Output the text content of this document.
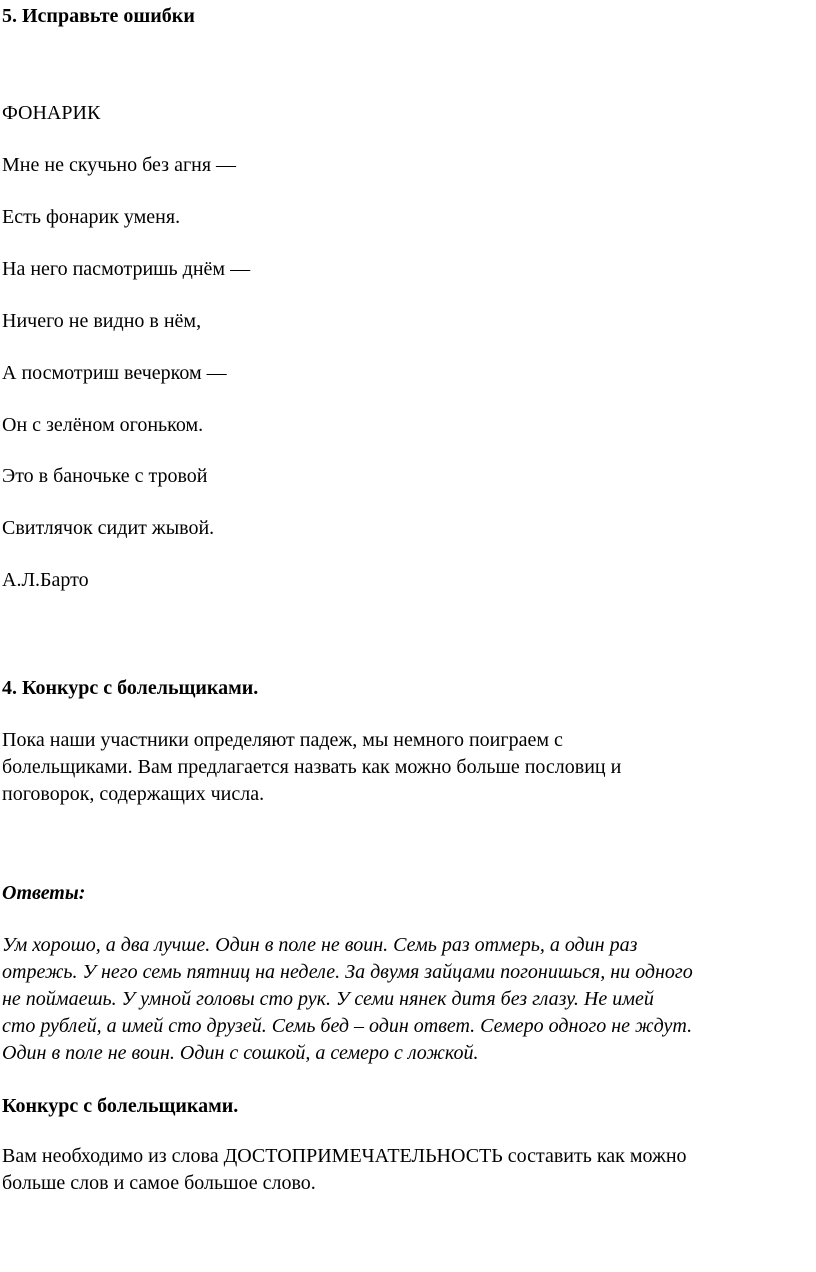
5. Исправьте ошибки

ФОНАРИК

Мне не скучьно без агня —

Есть фонарик уменя.

На него пасмотришь днём —

Ничего не видно в нём,

А посмотриш вечерком —

Он с зелёном огоньком.

Это в баночьке с тровой

Свитлячок сидит жывой.

А.Л.Барто

4. Конкурс с болельщиками.

Пока наши участники определяют падеж, мы немного поиграем с

болельщиками. Вам предлагается назвать как можно больше пословиц и

поговорок, содержащих числа.

Ответы:

Ум хорошо, а два лучше. Один в поле не воин. Семь раз отмерь, а один раз

отрежь. У него семь пятниц на неделе. За двумя зайцами погонишься, ни одного

не поймаешь. У умной головы сто рук. У семи нянек дитя без глазу. Не имей

сто рублей, а имей сто друзей. Семь бед – один ответ. Семеро одного не ждут.

Один в поле не воин. Один с сошкой, а семеро с ложкой.

Конкурс с болельщиками.

Вам необходимо из слова ДОСТОПРИМЕЧАТЕЛЬНОСТЬ составить как можно

больше слов и самое большое слово.
